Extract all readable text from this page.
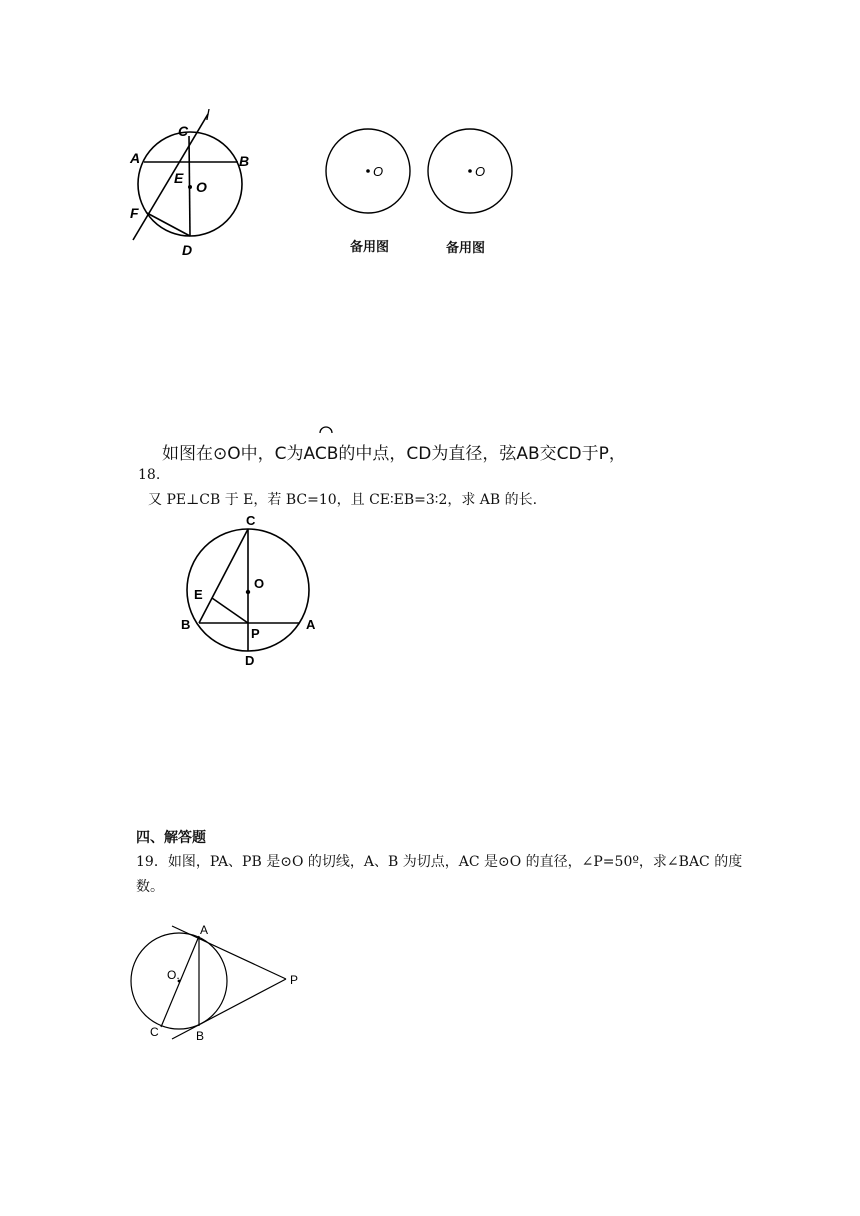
C
l
A	B
E
O
F
D
O
备用图
O
备用图
如图在⊙O中，C为ACB的中点，CD为直径，弦AB交CD于P，
18.
又 PE⊥CB 于 E，若 BC=10，且 CE∶EB=3∶2，求 AB 的长.
C
O
E
B
P
A
D
四、解答题
19．如图，PA、PB 是⊙O 的切线，A、B 为切点，AC 是⊙O 的直径，∠P=50º，求∠BAC 的度
数。
A
O.	P
C	B
